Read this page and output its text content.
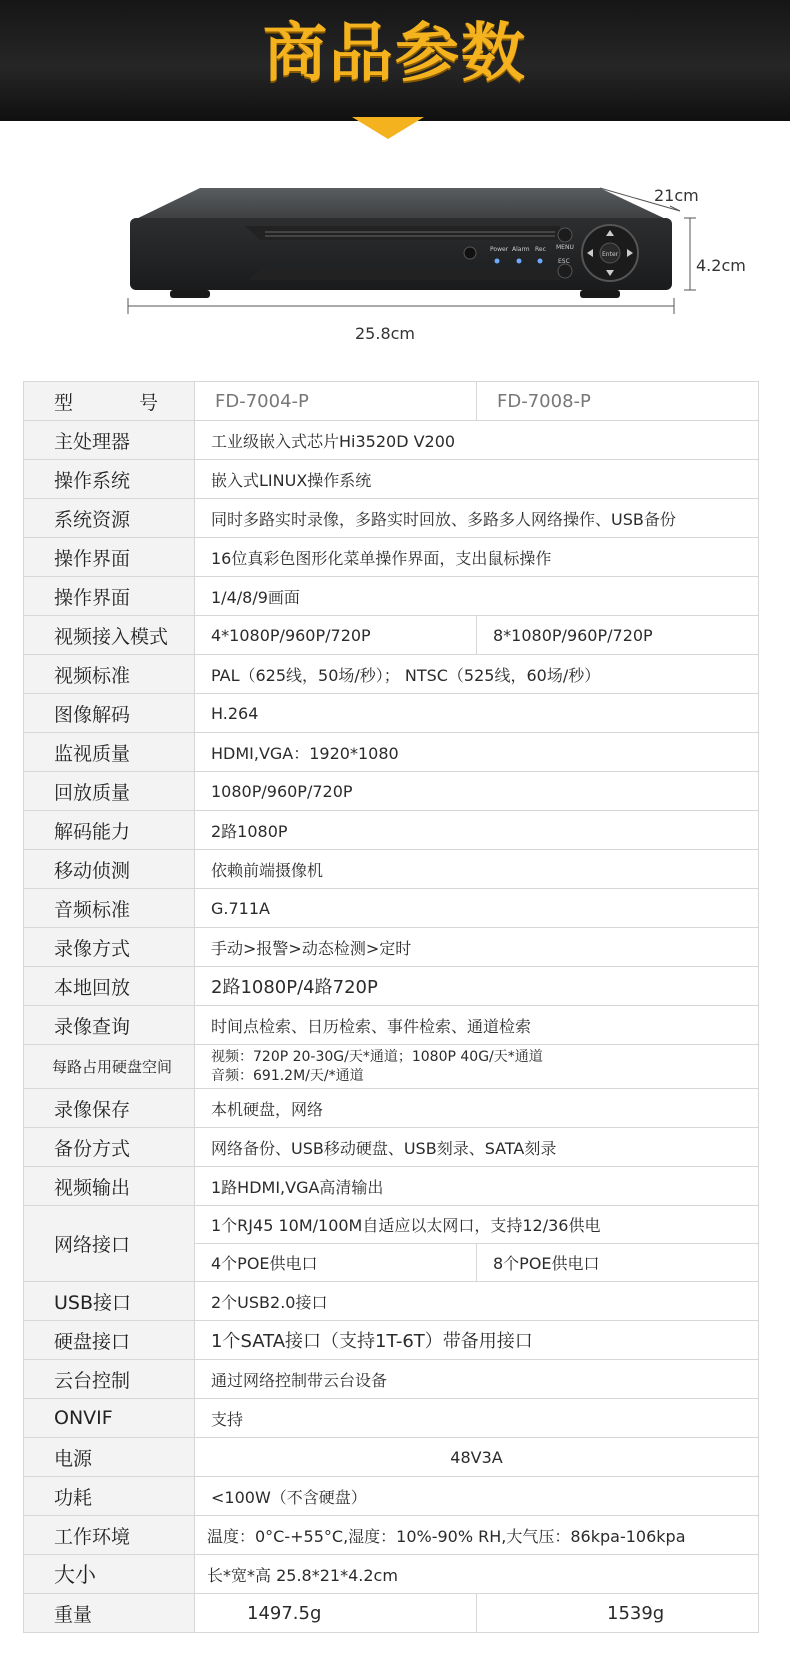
商品参数
Power Alarm Rec MENU
ESC
Enter
21cm
4.2cm
25.8cm
型 号	FD-7004-P	FD-7008-P
主处理器	工业级嵌入式芯片Hi3520D V200	
操作系统	嵌入式LINUX操作系统	
系统资源	同时多路实时录像，多路实时回放、多路多人网络操作、USB备份	
操作界面	16位真彩色图形化菜单操作界面，支出鼠标操作	
操作界面	1/4/8/9画面	
视频接入模式	4*1080P/960P/720P	8*1080P/960P/720P
视频标准	PAL（625线，50场/秒）； NTSC（525线，60场/秒）	
图像解码	H.264	
监视质量	HDMI,VGA：1920*1080	
回放质量	1080P/960P/720P	
解码能力	2路1080P	
移动侦测	依赖前端摄像机	
音频标准	G.711A	
录像方式	手动>报警>动态检测>定时	
本地回放	2路1080P/4路720P	
录像查询	时间点检索、日历检索、事件检索、通道检索	
每路占用硬盘空间	视频：720P 20-30G/天*通道；1080P 40G/天*通道
音频：691.2M/天/*通道	

录像保存	本机硬盘，网络	
备份方式	网络备份、USB移动硬盘、USB刻录、SATA刻录	
视频输出	1路HDMI,VGA高清输出	
网络接口	1个RJ45 10M/100M自适应以太网口，支持12/36供电	
	4个POE供电口	8个POE供电口
USB接口	2个USB2.0接口	
硬盘接口	1个SATA接口（支持1T-6T）带备用接口	
云台控制	通过网络控制带云台设备	
ONVIF	支持	
电源	48V3A	
功耗	<100W（不含硬盘）	
工作环境	温度：0°C-+55°C,湿度：10%-90% RH,大气压：86kpa-106kpa	
大小	长*宽*高 25.8*21*4.2cm	
重量	1497.5g	1539g
